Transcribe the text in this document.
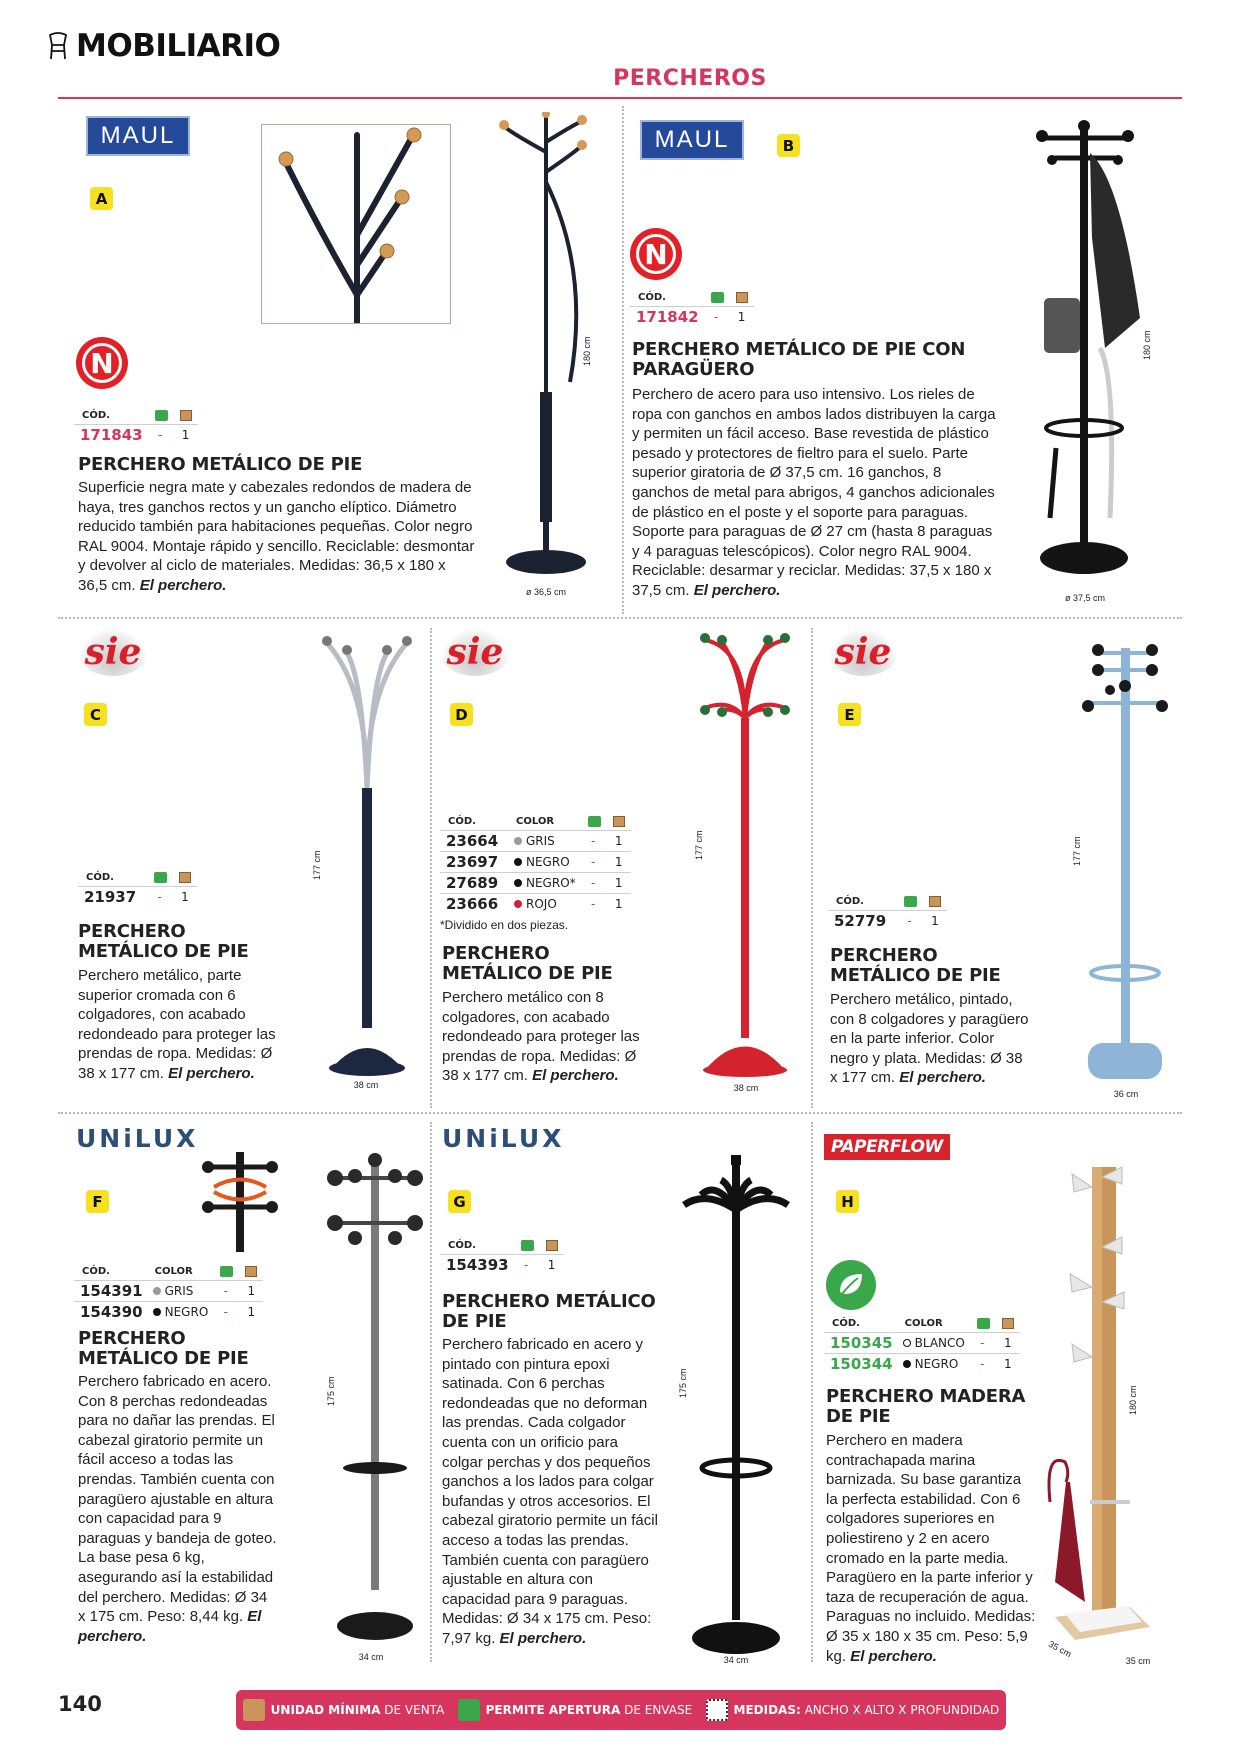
MOBILIARIO
PERCHEROS
MAUL
A
180 cm
ø 36,5 cm
N
CÓD.		
171843	-	1
PERCHERO METÁLICO DE PIE
Superficie negra mate y cabezales redondos de madera de haya, tres ganchos rectos y un gancho elíptico. Diámetro reducido también para habitaciones pequeñas. Color negro RAL 9004. Montaje rápido y sencillo. Reciclable: desmontar y devolver al ciclo de materiales. Medidas: 36,5 x 180 x 36,5 cm. El perchero.
MAUL	B
N
CÓD.		
171842	-	1
PERCHERO METÁLICO DE PIE CON PARAGÜERO
Perchero de acero para uso intensivo. Los rieles de ropa con ganchos en ambos lados distribuyen la carga y permiten un fácil acceso. Base revestida de plástico pesado y protectores de fieltro para el suelo. Parte superior giratoria de Ø 37,5 cm. 16 ganchos, 8 ganchos de metal para abrigos, 4 ganchos adicionales de plástico en el poste y el soporte para paraguas. Soporte para paraguas de Ø 27 cm (hasta 8 paraguas y 4 paraguas telescópicos). Color negro RAL 9004. Reciclable: desarmar y reciclar. Medidas: 37,5 x 180 x 37,5 cm. El perchero.
180 cm
ø 37,5 cm
sie
C
CÓD.		
21937	-	1
PERCHERO METÁLICO DE PIE
Perchero metálico, parte superior cromada con 6 colgadores, con acabado redondeado para proteger las prendas de ropa. Medidas: Ø 38 x 177 cm. El perchero.
177 cm
38 cm
sie
D
CÓD.	COLOR		
23664	GRIS	-	1
23697	NEGRO	-	1
27689	NEGRO*	-	1
23666	ROJO	-	1
*Dividido en dos piezas.
PERCHERO METÁLICO DE PIE
Perchero metálico con 8 colgadores, con acabado redondeado para proteger las prendas de ropa. Medidas: Ø 38 x 177 cm. El perchero.
177 cm
38 cm
sie
E
CÓD.		
52779	-	1
PERCHERO METÁLICO DE PIE
Perchero metálico, pintado, con 8 colgadores y paragüero en la parte inferior. Color negro y plata. Medidas: Ø 38 x 177 cm. El perchero.
177 cm
36 cm
UNiLUX
F
CÓD.	COLOR		
154391	GRIS	-	1
154390	NEGRO	-	1
PERCHERO METÁLICO DE PIE
Perchero fabricado en acero. Con 8 perchas redondeadas para no dañar las prendas. El cabezal giratorio permite un fácil acceso a todas las prendas. También cuenta con paragüero ajustable en altura con capacidad para 9 paraguas y bandeja de goteo. La base pesa 6 kg, asegurando así la estabilidad del perchero. Medidas: Ø 34 x 175 cm. Peso: 8,44 kg. El perchero.
175 cm
34 cm
UNiLUX
G
CÓD.		
154393	-	1
PERCHERO METÁLICO DE PIE
Perchero fabricado en acero y pintado con pintura epoxi satinada. Con 6 perchas redondeadas que no deforman las prendas. Cada colgador cuenta con un orificio para colgar perchas y dos pequeños ganchos a los lados para colgar bufandas y otros accesorios. El cabezal giratorio permite un fácil acceso a todas las prendas. También cuenta con paragüero ajustable en altura con capacidad para 9 paraguas. Medidas: Ø 34 x 175 cm. Peso: 7,97 kg. El perchero.
175 cm
34 cm
PAPERFLOW
H
CÓD.	COLOR		
150345	BLANCO	-	1
150344	NEGRO	-	1
PERCHERO MADERA DE PIE
Perchero en madera contrachapada marina barnizada. Su base garantiza la perfecta estabilidad. Con 6 colgadores superiores en poliestireno y 2 en acero cromado en la parte media. Paragüero en la parte inferior y taza de recuperación de agua. Paraguas no incluido. Medidas: Ø 35 x 180 x 35 cm. Peso: 5,9 kg. El perchero.
180 cm
35 cm
35 cm
140	UNIDAD MÍNIMA DE VENTA	PERMITE APERTURA DE ENVASE	MEDIDAS: ANCHO X ALTO X PROFUNDIDAD
